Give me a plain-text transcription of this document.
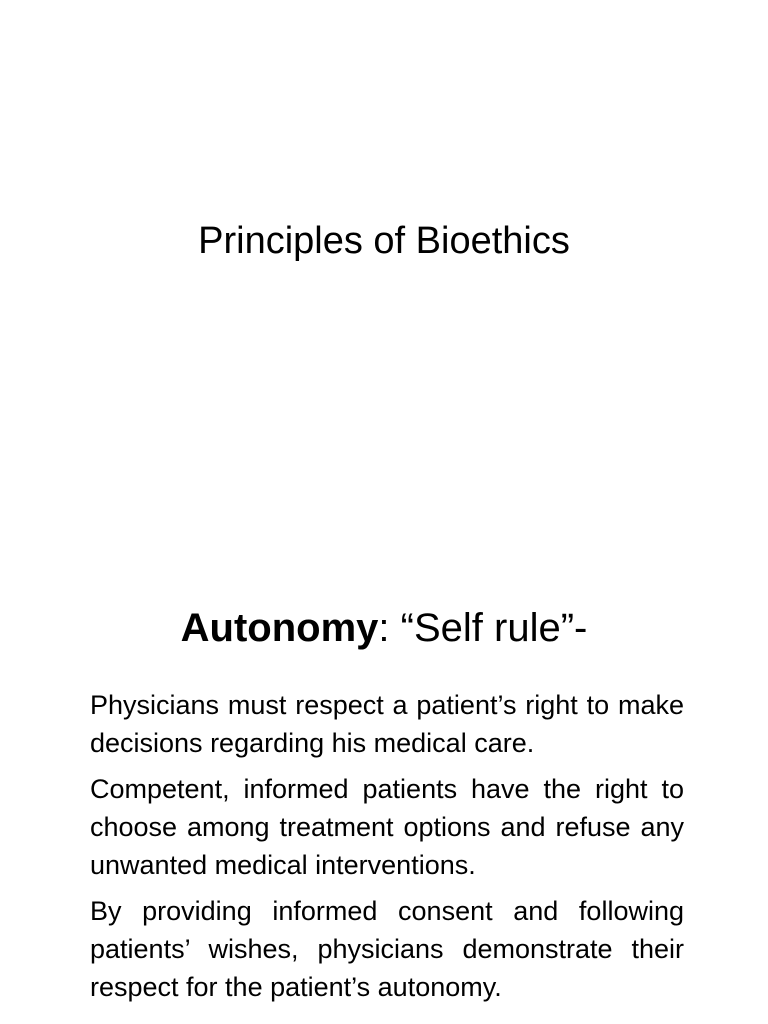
Principles of Bioethics
Autonomy: “Self rule”-

Physicians must respect a patient’s right to make decisions regarding his medical care.

Competent, informed patients have the right to choose among treatment options and refuse any unwanted medical interventions.

By providing informed consent and following patients’ wishes, physicians demonstrate their respect for the patient’s autonomy.
